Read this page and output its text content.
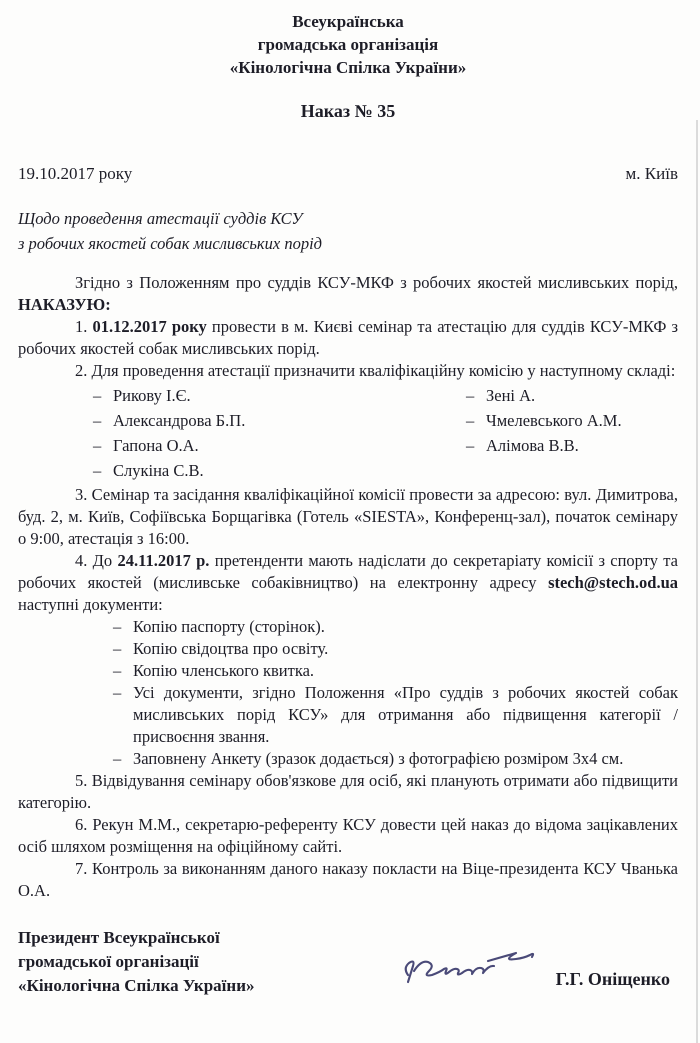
Всеукраїнська
громадська організація
«Кінологічна Спілка України»
Наказ № 35
19.10.2017 року	м. Київ
Щодо проведення атестації суддів КСУ
з робочих якостей собак мисливських порід

Згідно з Положенням про суддів КСУ-МКФ з робочих якостей мисливських порід, НАКАЗУЮ:

1. 01.12.2017 року провести в м. Києві семінар та атестацію для суддів КСУ-МКФ з робочих якостей собак мисливських порід.

2. Для проведення атестації призначити кваліфікаційну комісію у наступному складі:

– Рикову І.Є.
– Александрова Б.П.
– Гапона О.А.
– Слукіна С.В.
– Зені А.
– Чмелевського А.М.
– Алімова В.В.

3. Семінар та засідання кваліфікаційної комісії провести за адресою: вул. Димитрова, буд. 2, м. Київ, Софіївська Борщагівка (Готель «SIESTA», Конференц-зал), початок семінару о 9:00, атестація з 16:00.

4. До 24.11.2017 р. претенденти мають надіслати до секретаріату комісії з спорту та робочих якостей (мисливське собаківництво) на електронну адресу stech@stech.od.ua наступні документи:

– Копію паспорту (сторінок).
– Копію свідоцтва про освіту.
– Копію членського квитка.
– Усі документи, згідно Положення «Про суддів з робочих якостей собак мисливських порід КСУ» для отримання або підвищення категорії / присвоєння звання.
– Заповнену Анкету (зразок додається) з фотографією розміром 3х4 см.

5. Відвідування семінару обов'язкове для осіб, які планують отримати або підвищити категорію.

6. Рекун М.М., секретарю-референту КСУ довести цей наказ до відома зацікавлених осіб шляхом розміщення на офіційному сайті.

7. Контроль за виконанням даного наказу покласти на Віце-президента КСУ Чванька О.А.

Президент Всеукраїнської
громадської організації
«Кінологічна Спілка України»	Г.Г. Оніщенко
